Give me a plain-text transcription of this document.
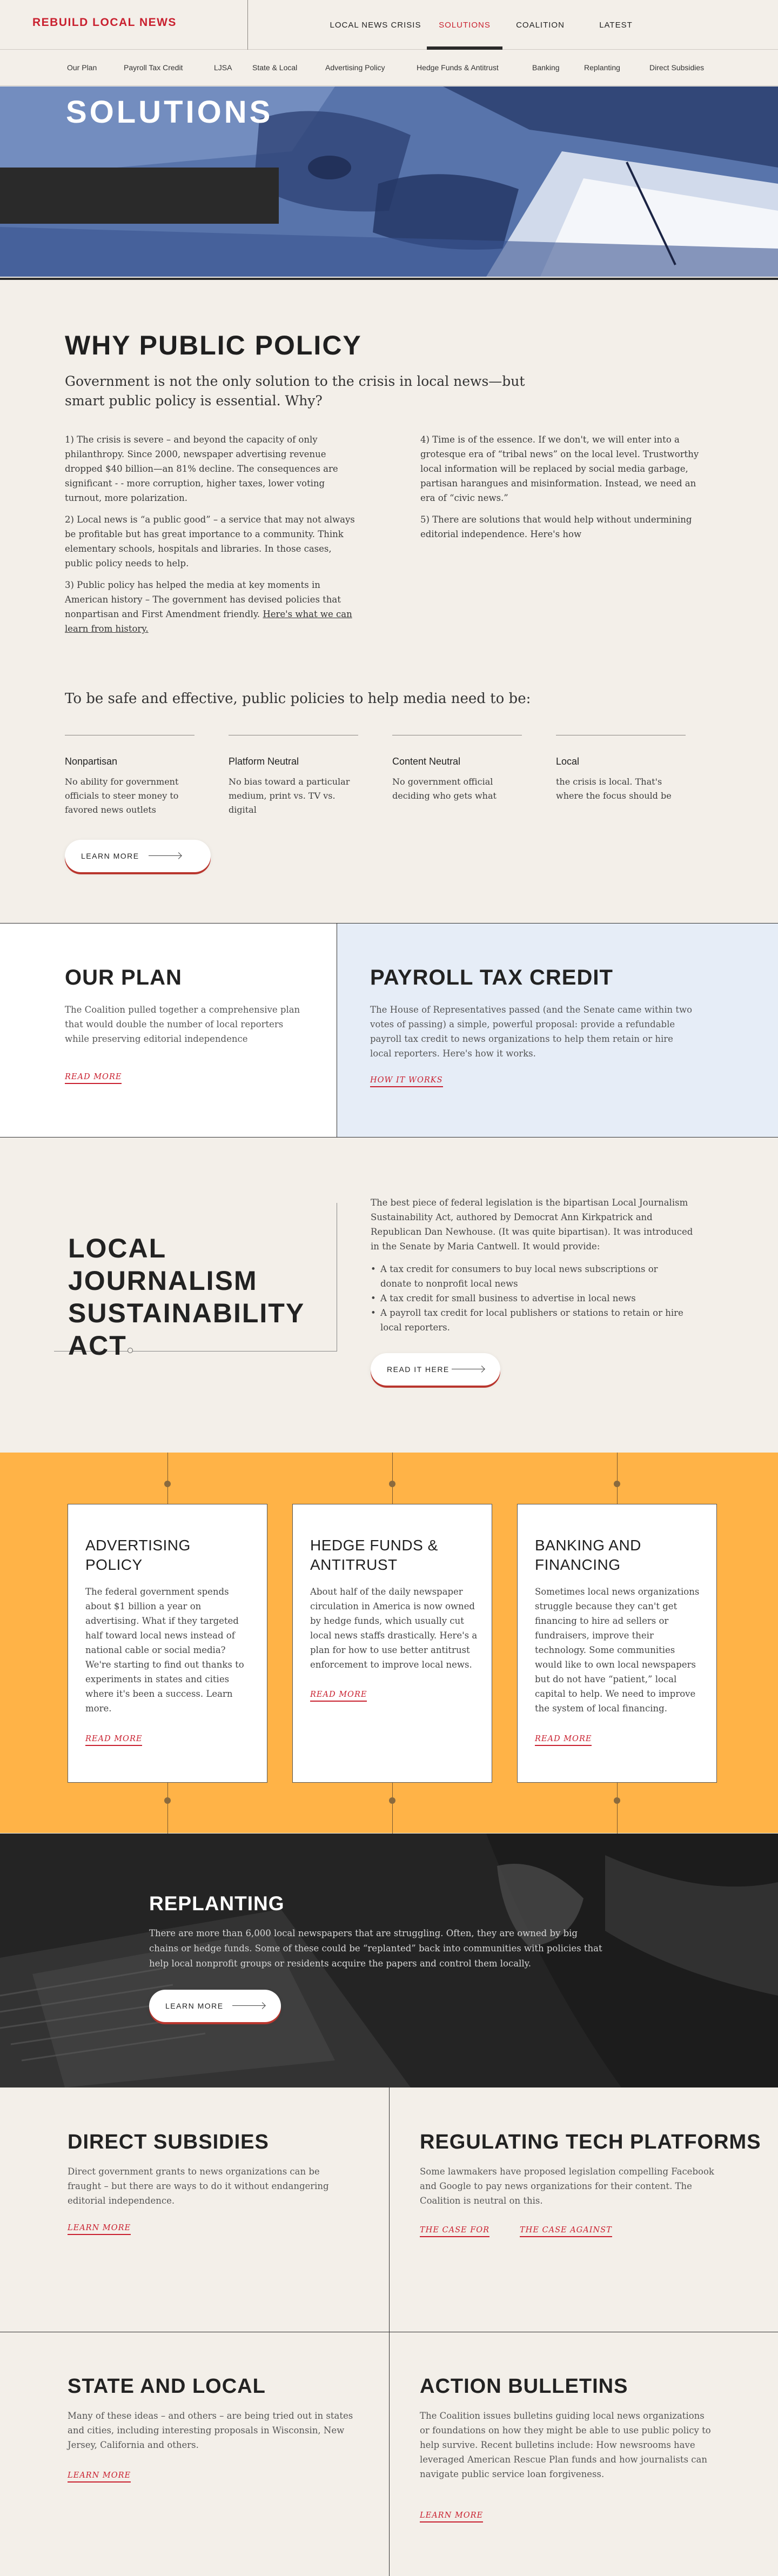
REBUILD LOCAL NEWS	LOCAL NEWS CRISIS	SOLUTIONS	COALITION	LATEST
Our Plan	Payroll Tax Credit	LJSA	State & Local	Advertising Policy	Hedge Funds & Antitrust	Banking	Replanting	Direct Subsidies
SOLUTIONS
WHY PUBLIC POLICY

Government is not the only solution to the crisis in local news—but smart public policy is essential. Why?

1) The crisis is severe – and beyond the capacity of only philanthropy. Since 2000, newspaper advertising revenue dropped $40 billion—an 81% decline. The consequences are significant - - more corruption, higher taxes, lower voting turnout, more polarization.

2) Local news is “a public good” – a service that may not always be profitable but has great importance to a community. Think elementary schools, hospitals and libraries. In those cases, public policy needs to help.

3) Public policy has helped the media at key moments in American history – The government has devised policies that nonpartisan and First Amendment friendly. Here's what we can learn from history.

4) Time is of the essence. If we don't, we will enter into a grotesque era of “tribal news” on the local level. Trustworthy local information will be replaced by social media garbage, partisan harangues and misinformation. Instead, we need an era of “civic news.”

5) There are solutions that would help without undermining editorial independence. Here's how

To be safe and effective, public policies to help media need to be:

Nonpartisan

No ability for government officials to steer money to favored news outlets

Platform Neutral

No bias toward a particular medium, print vs. TV vs. digital

Content Neutral

No government official deciding who gets what

Local

the crisis is local. That's where the focus should be

LEARN MORE
OUR PLAN

The Coalition pulled together a comprehensive plan that would double the number of local reporters while preserving editorial independence

READ MORE
PAYROLL TAX CREDIT

The House of Representatives passed (and the Senate came within two votes of passing) a simple, powerful proposal: provide a refundable payroll tax credit to news organizations to help them retain or hire local reporters. Here's how it works.

HOW IT WORKS
LOCAL
JOURNALISM
SUSTAINABILITY
ACT

The best piece of federal legislation is the bipartisan Local Journalism Sustainability Act, authored by Democrat Ann Kirkpatrick and Republican Dan Newhouse. (It was quite bipartisan). It was introduced in the Senate by Maria Cantwell. It would provide:

• A tax credit for consumers to buy local news subscriptions or donate to nonprofit local news
• A tax credit for small business to advertise in local news
• A payroll tax credit for local publishers or stations to retain or hire local reporters.
READ IT HERE
ADVERTISING POLICY

The federal government spends about $1 billion a year on advertising. What if they targeted half toward local news instead of national cable or social media? We're starting to find out thanks to experiments in states and cities where it's been a success. Learn more.

READ MORE
HEDGE FUNDS & ANTITRUST

About half of the daily newspaper circulation in America is now owned by hedge funds, which usually cut local news staffs drastically. Here's a plan for how to use better antitrust enforcement to improve local news.

READ MORE
BANKING AND FINANCING

Sometimes local news organizations struggle because they can't get financing to hire ad sellers or fundraisers, improve their technology. Some communities would like to own local newspapers but do not have “patient,” local capital to help. We need to improve the system of local financing.

READ MORE
REPLANTING

There are more than 6,000 local newspapers that are struggling. Often, they are owned by big chains or hedge funds. Some of these could be “replanted” back into communities with policies that help local nonprofit groups or residents acquire the papers and control them locally.

LEARN MORE
DIRECT SUBSIDIES

Direct government grants to news organizations can be fraught – but there are ways to do it without endangering editorial independence.

LEARN MORE
REGULATING TECH PLATFORMS

Some lawmakers have proposed legislation compelling Facebook and Google to pay news organizations for their content. The Coalition is neutral on this.

THE CASE FOR	THE CASE AGAINST
STATE AND LOCAL

Many of these ideas – and others – are being tried out in states and cities, including interesting proposals in Wisconsin, New Jersey, California and others.

LEARN MORE
ACTION BULLETINS

The Coalition issues bulletins guiding local news organizations or foundations on how they might be able to use public policy to help survive. Recent bulletins include: How newsrooms have leveraged American Rescue Plan funds and how journalists can navigate public service loan forgiveness.

LEARN MORE
